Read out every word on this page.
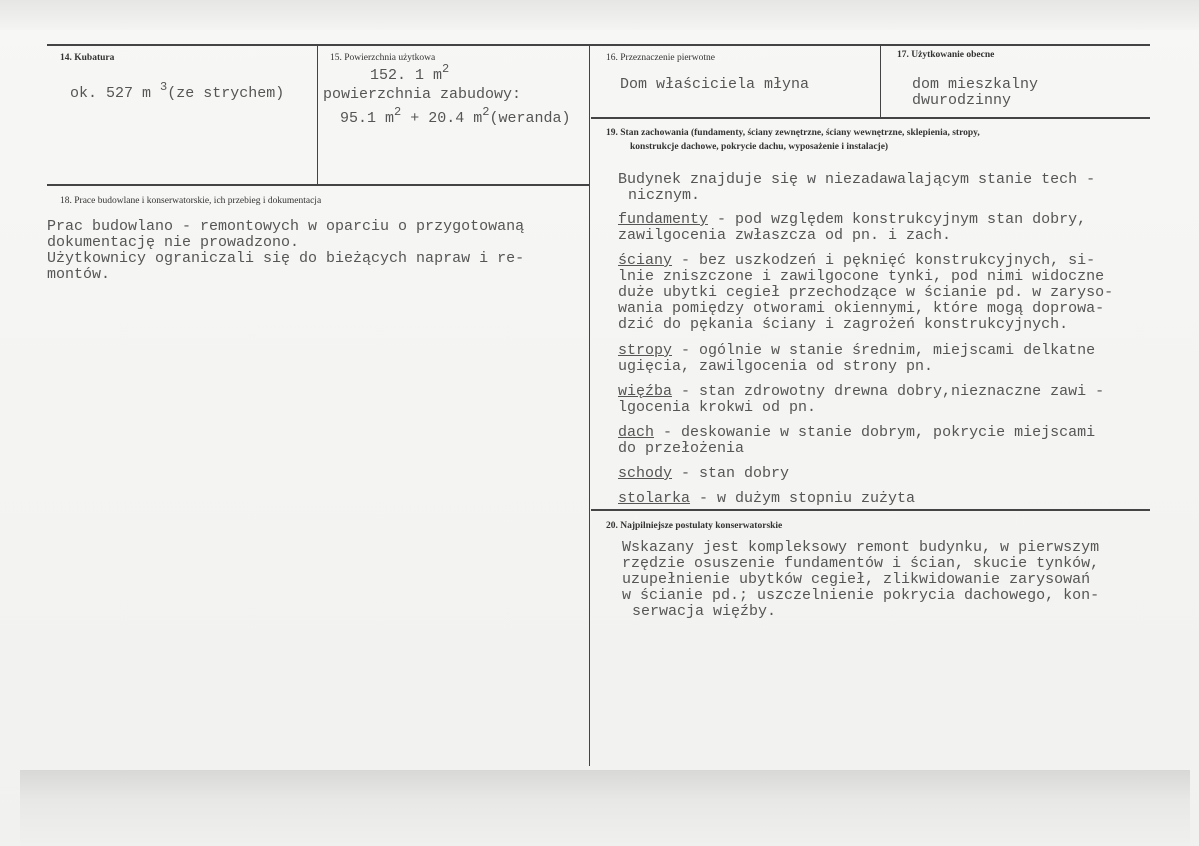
14. Kubatura
ok. 527 m $^3$(ze strychem)
15. Powierzchnia użytkowa
152. 1 $m^2$
powierzchnia zabudowy:
95.1 $m^2 + 20.4$ $m^2(weranda)$
16. Przeznaczenie pierwotne
Dom właściciela młyna
17. Użytkowanie obecne
dom mieszkalny
dwurodzinny
18. Prace budowlane i konserwatorskie, ich przebieg i dokumentacja
Prac budowlano - remontowych w oparciu o przygotowaną
dokumentację nie prowadzono.
Użytkownicy ograniczali się do bieżących napraw i re-
montów.
19. Stan zachowania (fundamenty, ściany zewnętrzne, ściany wewnętrzne, sklepienia, stropy,
konstrukcje dachowe, pokrycie dachu, wyposażenie i instalacje)
Budynek znajduje się w niezadawalającym stanie tech -
nicznym.
fundamenty - pod względem konstrukcyjnym stan dobry,
zawilgocenia zwłaszcza od pn. i zach.
ściany - bez uszkodzeń i pęknięć konstrukcyjnych, si-
lnie zniszczone i zawilgocone tynki, pod nimi widoczne
duże ubytki cegieł przechodzące w ścianie pd. w zaryso-
wania pomiędzy otworami okiennymi, które mogą doprowa-
dzić do pękania ściany i zagrożeń konstrukcyjnych.
stropy - ogólnie w stanie średnim, miejscami delkatne
ugięcia, zawilgocenia od strony pn.
więźba - stan zdrowotny drewna dobry,nieznaczne zawi -
lgocenia krokwi od pn.
dach - deskowanie w stanie dobrym, pokrycie miejscami
do przełożenia
schody - stan dobry
stolarka - w dużym stopniu zużyta
20. Najpilniejsze postulaty konserwatorskie
Wskazany jest kompleksowy remont budynku, w pierwszym
rzędzie osuszenie fundamentów i ścian, skucie tynków,
uzupełnienie ubytków cegieł, zlikwidowanie zarysowań
w ścianie pd.; uszczelnienie pokrycia dachowego, kon-
serwacja więźby.
